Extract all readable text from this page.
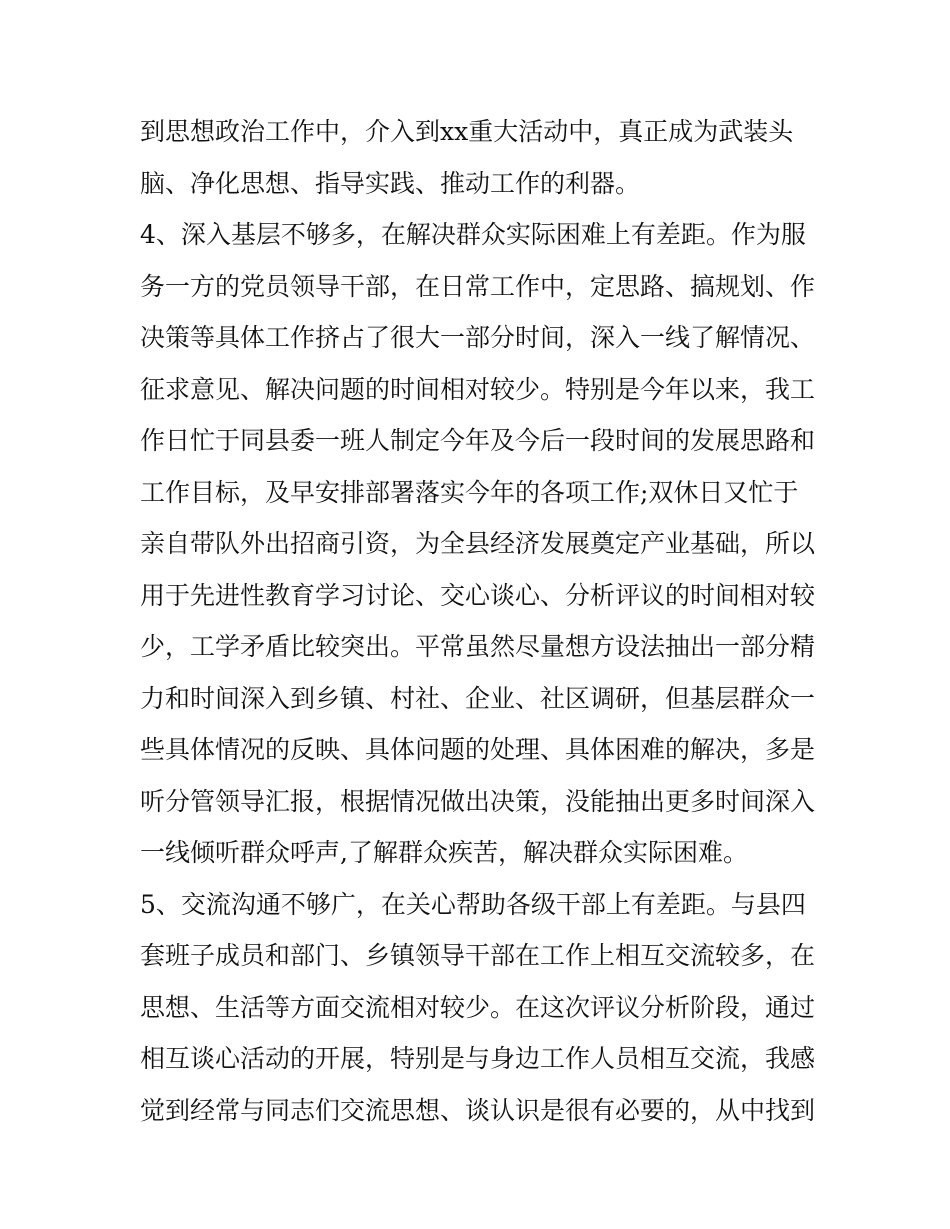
到思想政治工作中，介入到xx重大活动中，真正成为武装头
脑、净化思想、指导实践、推动工作的利器。
4、深入基层不够多，在解决群众实际困难上有差距。作为服
务一方的党员领导干部，在日常工作中，定思路、搞规划、作
决策等具体工作挤占了很大一部分时间，深入一线了解情况、
征求意见、解决问题的时间相对较少。特别是今年以来，我工
作日忙于同县委一班人制定今年及今后一段时间的发展思路和
工作目标，及早安排部署落实今年的各项工作;双休日又忙于
亲自带队外出招商引资，为全县经济发展奠定产业基础，所以
用于先进性教育学习讨论、交心谈心、分析评议的时间相对较
少，工学矛盾比较突出。平常虽然尽量想方设法抽出一部分精
力和时间深入到乡镇、村社、企业、社区调研，但基层群众一
些具体情况的反映、具体问题的处理、具体困难的解决，多是
听分管领导汇报，根据情况做出决策，没能抽出更多时间深入
一线倾听群众呼声,了解群众疾苦，解决群众实际困难。
5、交流沟通不够广，在关心帮助各级干部上有差距。与县四
套班子成员和部门、乡镇领导干部在工作上相互交流较多，在
思想、生活等方面交流相对较少。在这次评议分析阶段，通过
相互谈心活动的开展，特别是与身边工作人员相互交流，我感
觉到经常与同志们交流思想、谈认识是很有必要的，从中找到
